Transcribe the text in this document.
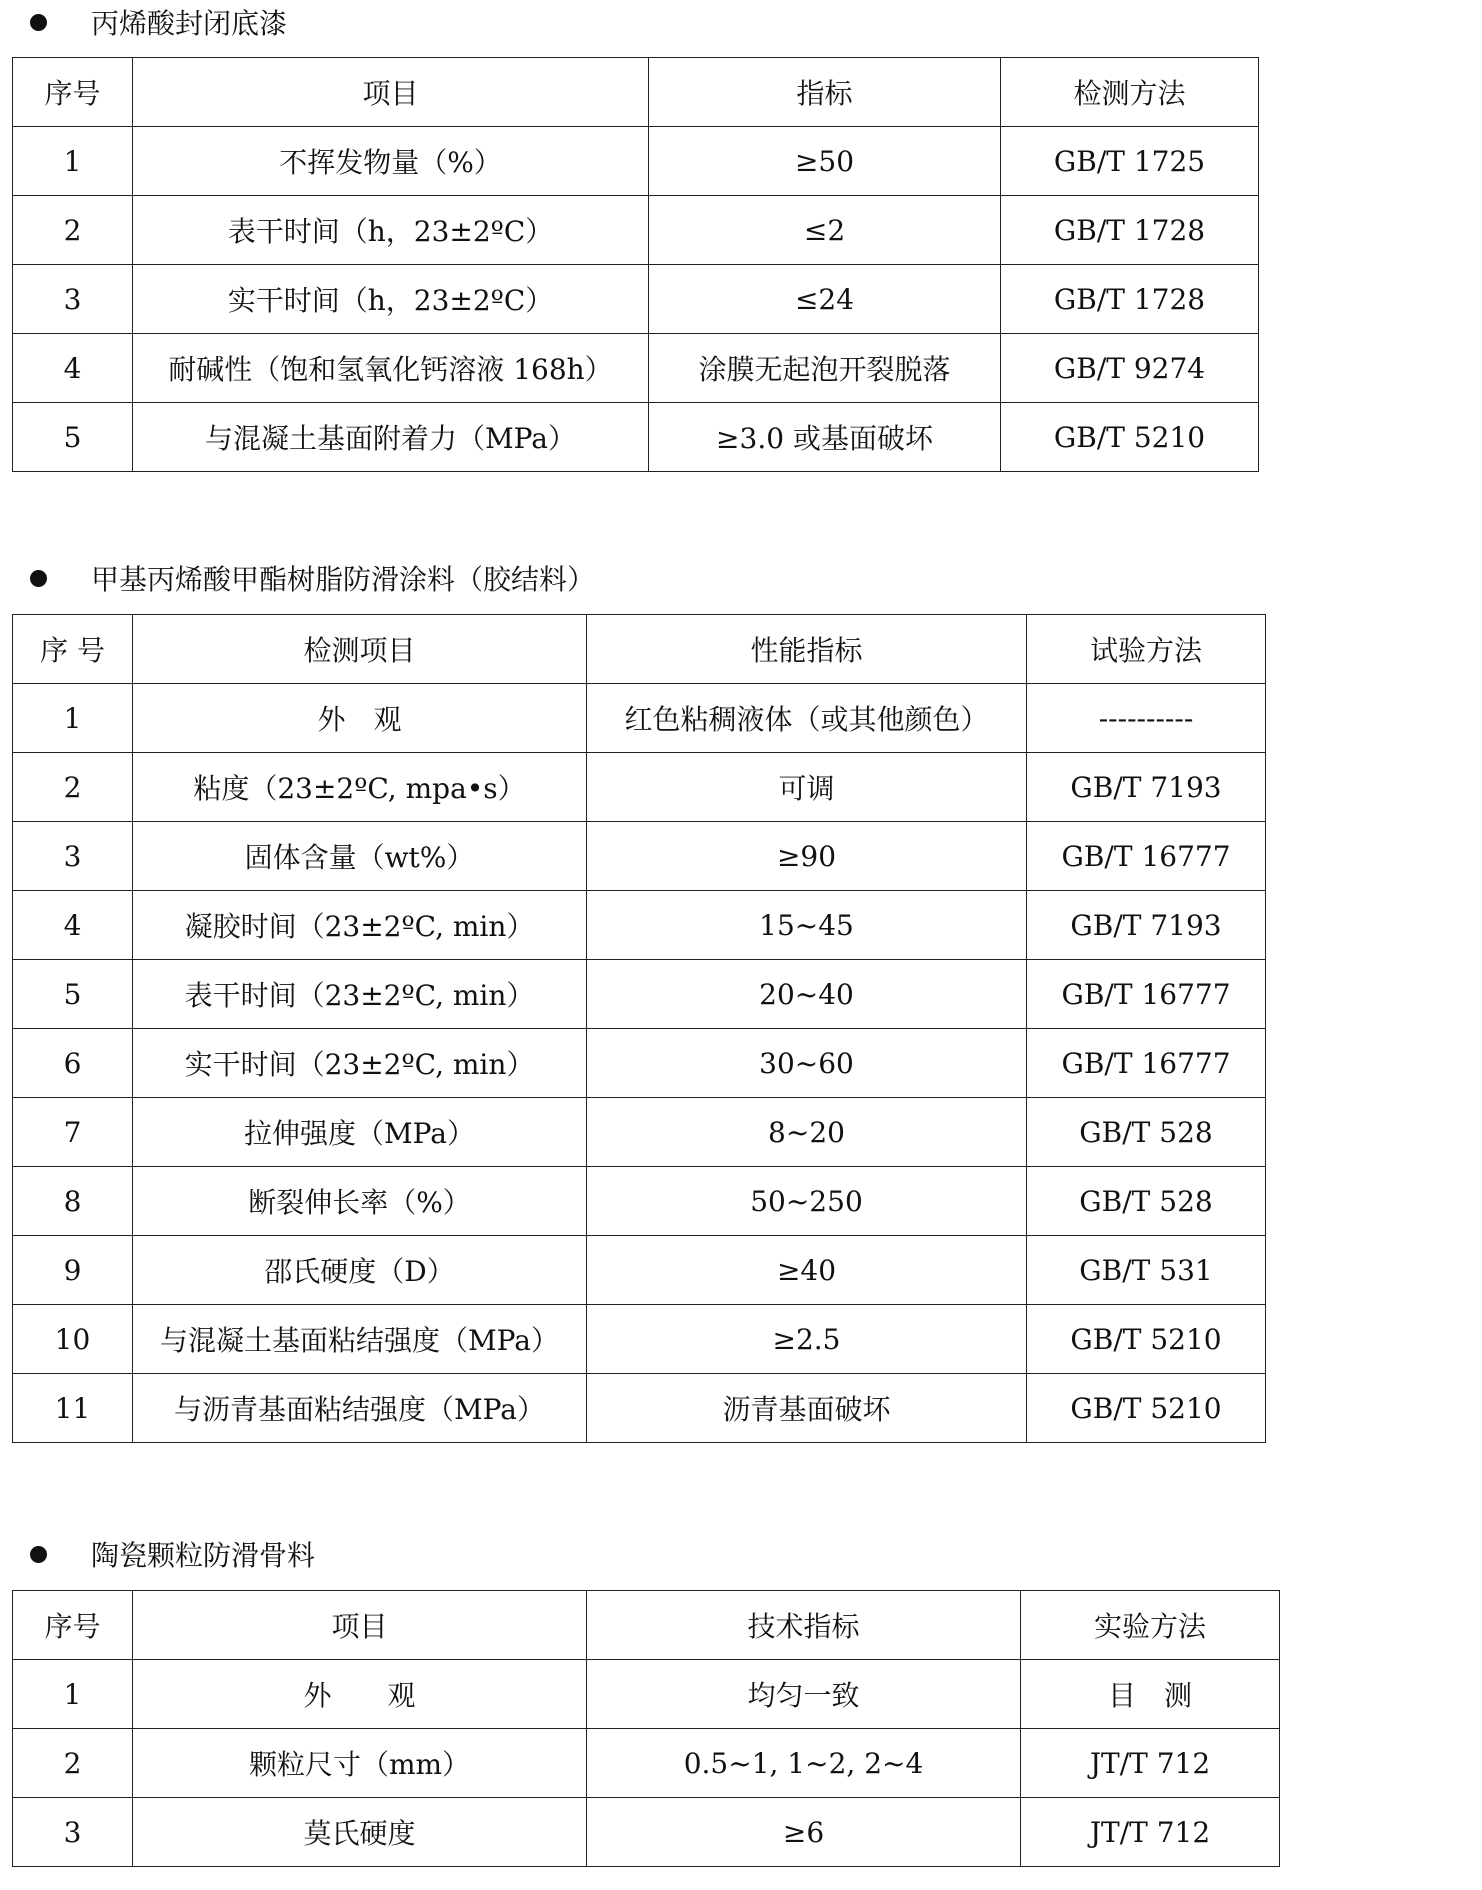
丙烯酸封闭底漆
序号	项目	指标	检测方法
1	不挥发物量（%）	≥50	GB/T 1725
2	表干时间（h，23±2ºC）	≤2	GB/T 1728
3	实干时间（h，23±2ºC）	≤24	GB/T 1728
4	耐碱性（饱和氢氧化钙溶液 168h）	涂膜无起泡开裂脱落	GB/T 9274
5	与混凝土基面附着力（MPa）	≥3.0 或基面破坏	GB/T 5210
甲基丙烯酸甲酯树脂防滑涂料（胶结料）
序 号	检测项目	性能指标	试验方法
1	外　观	红色粘稠液体（或其他颜色）	----------
2	粘度（23±2ºC, mpa•s）	可调	GB/T 7193
3	固体含量（wt%）	≥90	GB/T 16777
4	凝胶时间（23±2ºC, min）	15~45	GB/T 7193
5	表干时间（23±2ºC, min）	20~40	GB/T 16777
6	实干时间（23±2ºC, min）	30~60	GB/T 16777
7	拉伸强度（MPa）	8~20	GB/T 528
8	断裂伸长率（%）	50~250	GB/T 528
9	邵氏硬度（D）	≥40	GB/T 531
10	与混凝土基面粘结强度（MPa）	≥2.5	GB/T 5210
11	与沥青基面粘结强度（MPa）	沥青基面破坏	GB/T 5210
陶瓷颗粒防滑骨料
序号	项目	技术指标	实验方法
1	外　　观	均匀一致	目　测
2	颗粒尺寸（mm）	0.5~1, 1~2, 2~4	JT/T 712
3	莫氏硬度	≥6	JT/T 712
